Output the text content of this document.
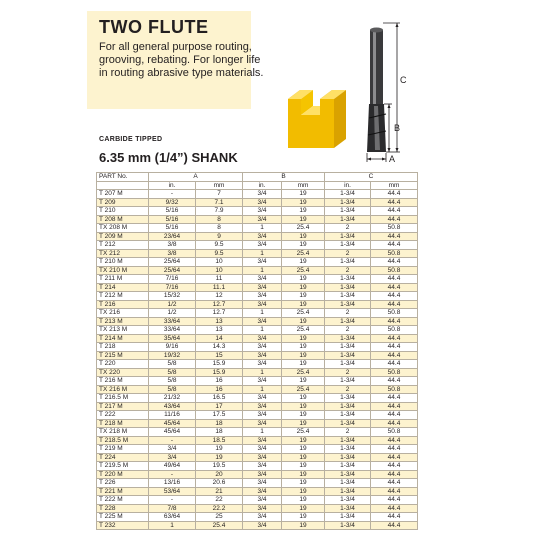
TWO FLUTE
For all general purpose routing, grooving, rebating. For longer life in routing abrasive type materials.
CARBIDE TIPPED
6.35 mm (1/4”) SHANK
C
B
A
PART No.	A		B		C	
	in.	mm	in.	mm	in.	mm
T 207 M	-	7	3/4	19	1-3/4	44.4
T 209	9/32	7.1	3/4	19	1-3/4	44.4
T 210	5/16	7.9	3/4	19	1-3/4	44.4
T 208 M	5/16	8	3/4	19	1-3/4	44.4
TX 208 M	5/16	8	1	25.4	2	50.8
T 209 M	23/64	9	3/4	19	1-3/4	44.4
T 212	3/8	9.5	3/4	19	1-3/4	44.4
TX 212	3/8	9.5	1	25.4	2	50.8
T 210 M	25/64	10	3/4	19	1-3/4	44.4
TX 210 M	25/64	10	1	25.4	2	50.8
T 211 M	7/16	11	3/4	19	1-3/4	44.4
T 214	7/16	11.1	3/4	19	1-3/4	44.4
T 212 M	15/32	12	3/4	19	1-3/4	44.4
T 216	1/2	12.7	3/4	19	1-3/4	44.4
TX 216	1/2	12.7	1	25.4	2	50.8
T 213 M	33/64	13	3/4	19	1-3/4	44.4
TX 213 M	33/64	13	1	25.4	2	50.8
T 214 M	35/64	14	3/4	19	1-3/4	44.4
T 218	9/16	14.3	3/4	19	1-3/4	44.4
T 215 M	19/32	15	3/4	19	1-3/4	44.4
T 220	5/8	15.9	3/4	19	1-3/4	44.4
TX 220	5/8	15.9	1	25.4	2	50.8
T 216 M	5/8	16	3/4	19	1-3/4	44.4
TX 216 M	5/8	16	1	25.4	2	50.8
T 216.5 M	21/32	16.5	3/4	19	1-3/4	44.4
T 217 M	43/64	17	3/4	19	1-3/4	44.4
T 222	11/16	17.5	3/4	19	1-3/4	44.4
T 218 M	45/64	18	3/4	19	1-3/4	44.4
TX 218 M	45/64	18	1	25.4	2	50.8
T 218.5 M	-	18.5	3/4	19	1-3/4	44.4
T 219 M	3/4	19	3/4	19	1-3/4	44.4
T 224	3/4	19	3/4	19	1-3/4	44.4
T 219.5 M	49/64	19.5	3/4	19	1-3/4	44.4
T 220 M	-	20	3/4	19	1-3/4	44.4
T 226	13/16	20.6	3/4	19	1-3/4	44.4
T 221 M	53/64	21	3/4	19	1-3/4	44.4
T 222 M	-	22	3/4	19	1-3/4	44.4
T 228	7/8	22.2	3/4	19	1-3/4	44.4
T 225 M	63/64	25	3/4	19	1-3/4	44.4
T 232	1	25.4	3/4	19	1-3/4	44.4
